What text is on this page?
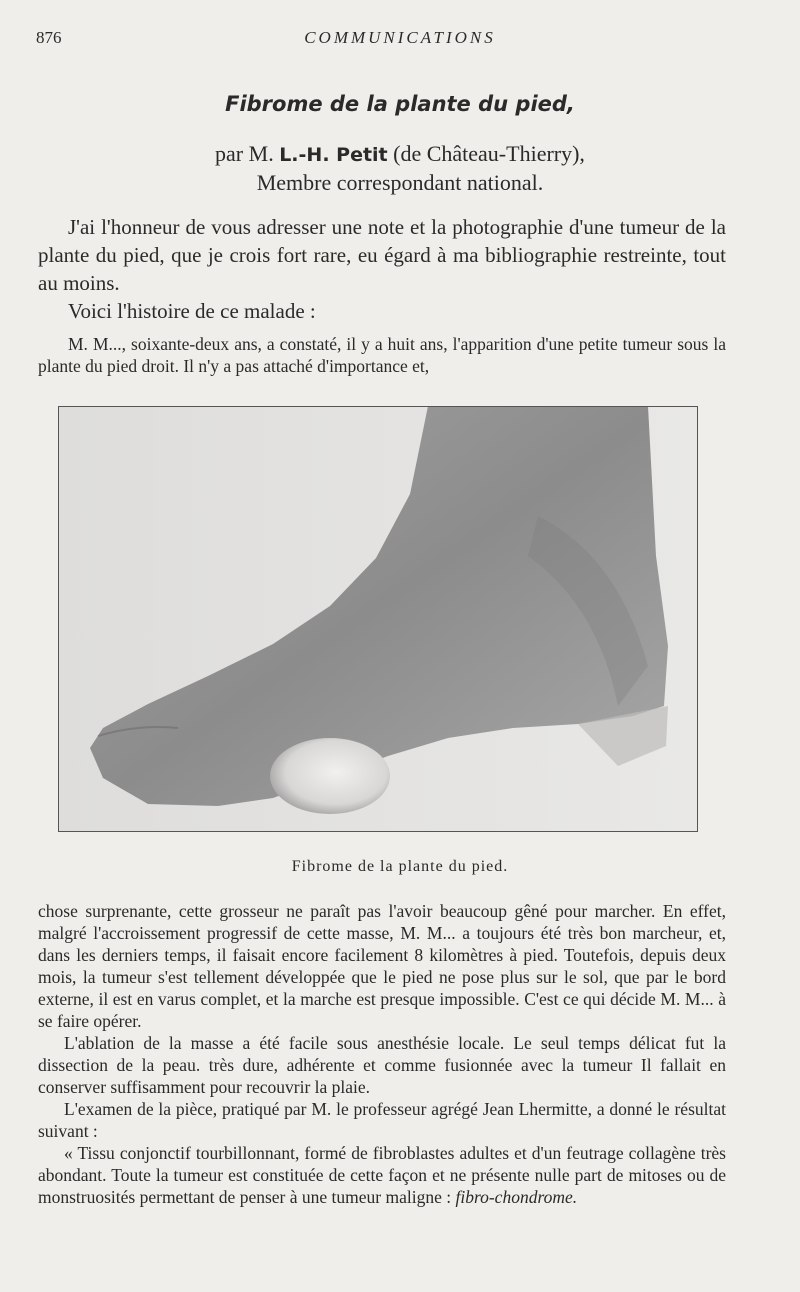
876	COMMUNICATIONS
Fibrome de la plante du pied,
par M. L.-H. Petit (de Château-Thierry),
Membre correspondant national.

J'ai l'honneur de vous adresser une note et la photographie d'une tumeur de la plante du pied, que je crois fort rare, eu égard à ma bibliographie restreinte, tout au moins.

Voici l'histoire de ce malade :

M. M..., soixante-deux ans, a constaté, il y a huit ans, l'apparition d'une petite tumeur sous la plante du pied droit. Il n'y a pas attaché d'importance et,

Fibrome de la plante du pied.

chose surprenante, cette grosseur ne paraît pas l'avoir beaucoup gêné pour marcher. En effet, malgré l'accroissement progressif de cette masse, M. M... a toujours été très bon marcheur, et, dans les derniers temps, il faisait encore facilement 8 kilomètres à pied. Toutefois, depuis deux mois, la tumeur s'est tellement développée que le pied ne pose plus sur le sol, que par le bord externe, il est en varus complet, et la marche est presque impossible. C'est ce qui décide M. M... à se faire opérer.

L'ablation de la masse a été facile sous anesthésie locale. Le seul temps délicat fut la dissection de la peau. très dure, adhérente et comme fusionnée avec la tumeur Il fallait en conserver suffisamment pour recouvrir la plaie.

L'examen de la pièce, pratiqué par M. le professeur agrégé Jean Lhermitte, a donné le résultat suivant :

« Tissu conjonctif tourbillonnant, formé de fibroblastes adultes et d'un feutrage collagène très abondant. Toute la tumeur est constituée de cette façon et ne présente nulle part de mitoses ou de monstruosités permettant de penser à une tumeur maligne : fibro-chondrome.
